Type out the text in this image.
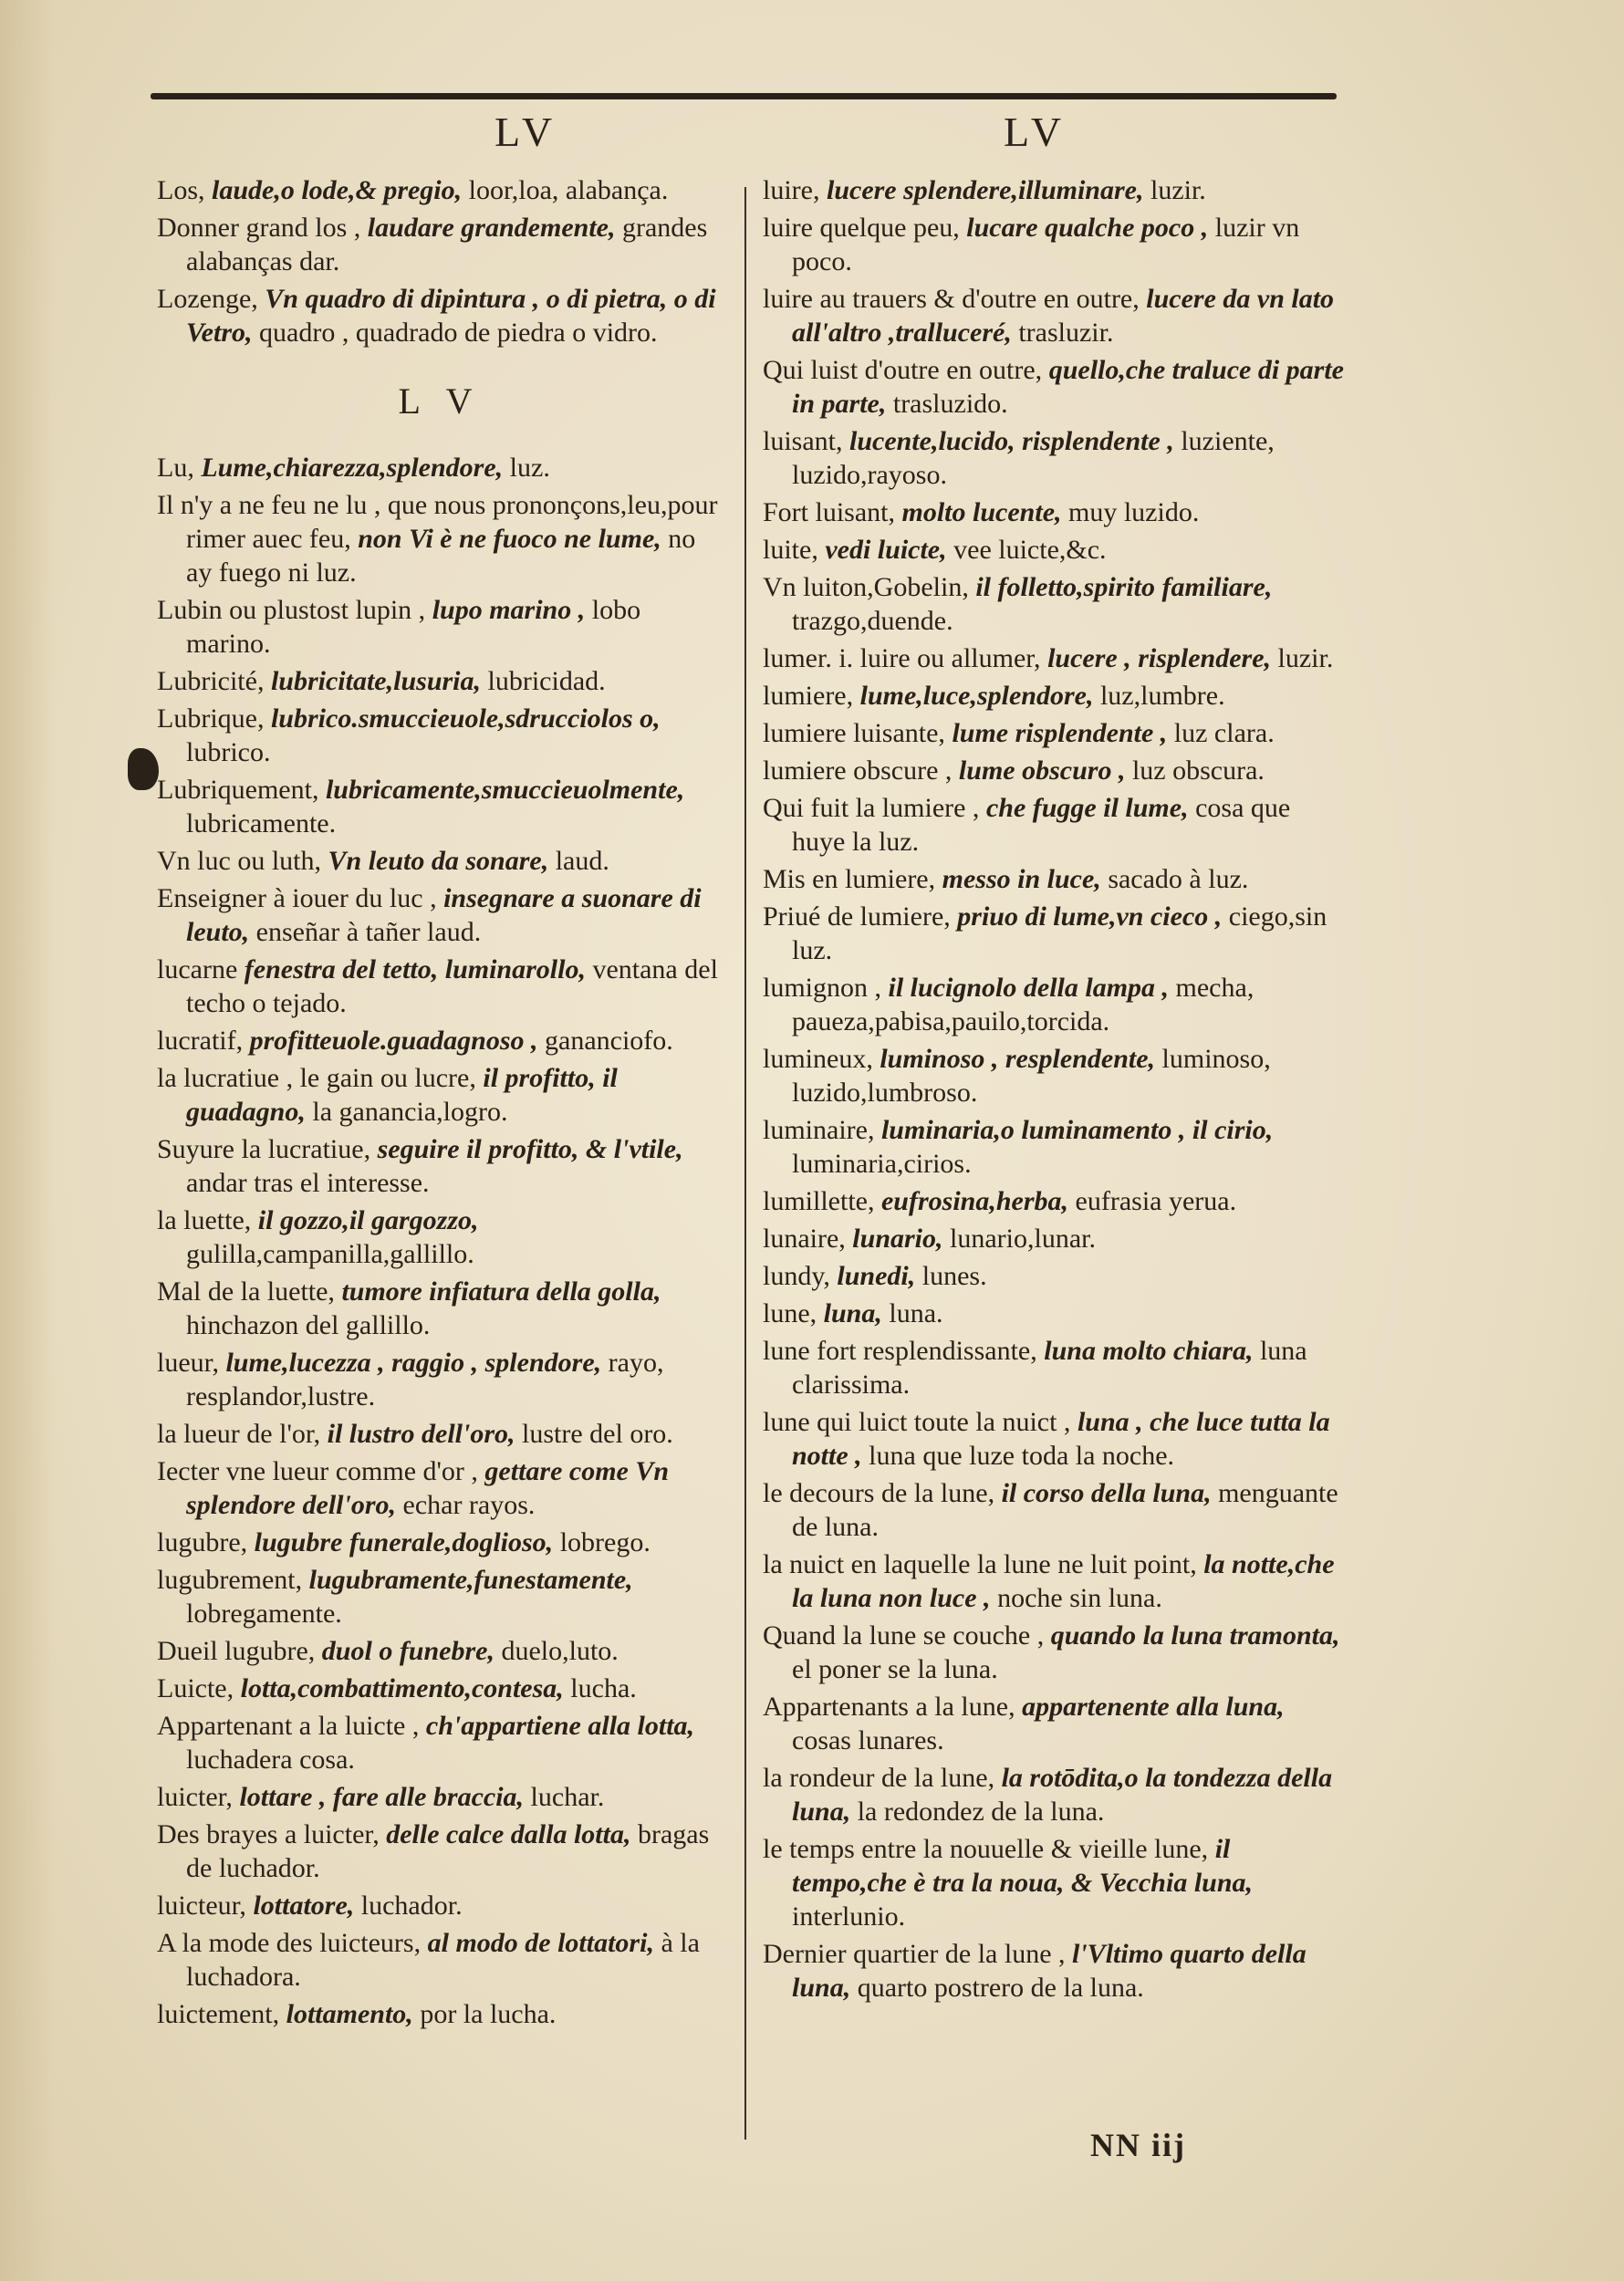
LV	LV
Los, laude,o lode,& pregio, loor,loa, alabança.
Donner grand los , laudare grandemente, grandes alabanças dar.
Lozenge, Vn quadro di dipintura , o di pietra, o di Vetro, quadro , quadrado de piedra o vidro.
L V
Lu, Lume,chiarezza,splendore, luz.
Il n'y a ne feu ne lu , que nous prononçons,leu,pour rimer auec feu, non Vi è ne fuoco ne lume, no ay fuego ni luz.
Lubin ou plustost lupin , lupo marino , lobo marino.
Lubricité, lubricitate,lusuria, lubricidad.
Lubrique, lubrico.smuccieuole,sdrucciolos o, lubrico.
Lubriquement, lubricamente,smuccieuolmente, lubricamente.
Vn luc ou luth, Vn leuto da sonare, laud.
Enseigner à iouer du luc , insegnare a suonare di leuto, enseñar à tañer laud.
lucarne fenestra del tetto, luminarollo, ventana del techo o tejado.
lucratif, profitteuole.guadagnoso , gananciofo.
la lucratiue , le gain ou lucre, il profitto, il guadagno, la ganancia,logro.
Suyure la lucratiue, seguire il profitto, & l'vtile, andar tras el interesse.
la luette, il gozzo,il gargozzo, gulilla,campanilla,gallillo.
Mal de la luette, tumore infiatura della golla, hinchazon del gallillo.
lueur, lume,lucezza , raggio , splendore, rayo, resplandor,lustre.
la lueur de l'or, il lustro dell'oro, lustre del oro.
Iecter vne lueur comme d'or , gettare come Vn splendore dell'oro, echar rayos.
lugubre, lugubre funerale,doglioso, lobrego.
lugubrement, lugubramente,funestamente, lobregamente.
Dueil lugubre, duol o funebre, duelo,luto.
Luicte, lotta,combattimento,contesa, lucha.
Appartenant a la luicte , ch'appartiene alla lotta, luchadera cosa.
luicter, lottare , fare alle braccia, luchar.
Des brayes a luicter, delle calce dalla lotta, bragas de luchador.
luicteur, lottatore, luchador.
A la mode des luicteurs, al modo de lottatori, à la luchadora.
luictement, lottamento, por la lucha.
luire, lucere splendere,illuminare, luzir.
luire quelque peu, lucare qualche poco , luzir vn poco.
luire au trauers & d'outre en outre, lucere da vn lato all'altro ,tralluceré, trasluzir.
Qui luist d'outre en outre, quello,che traluce di parte in parte, trasluzido.
luisant, lucente,lucido, risplendente , luziente, luzido,rayoso.
Fort luisant, molto lucente, muy luzido.
luite, vedi luicte, vee luicte,&c.
Vn luiton,Gobelin, il folletto,spirito familiare, trazgo,duende.
lumer. i. luire ou allumer, lucere , risplendere, luzir.
lumiere, lume,luce,splendore, luz,lumbre.
lumiere luisante, lume risplendente , luz clara.
lumiere obscure , lume obscuro , luz obscura.
Qui fuit la lumiere , che fugge il lume, cosa que huye la luz.
Mis en lumiere, messo in luce, sacado à luz.
Priué de lumiere, priuo di lume,vn cieco , ciego,sin luz.
lumignon , il lucignolo della lampa , mecha, paueza,pabisa,pauilo,torcida.
lumineux, luminoso , resplendente, luminoso, luzido,lumbroso.
luminaire, luminaria,o luminamento , il cirio, luminaria,cirios.
lumillette, eufrosina,herba, eufrasia yerua.
lunaire, lunario, lunario,lunar.
lundy, lunedi, lunes.
lune, luna, luna.
lune fort resplendissante, luna molto chiara, luna clarissima.
lune qui luict toute la nuict , luna , che luce tutta la notte , luna que luze toda la noche.
le decours de la lune, il corso della luna, menguante de luna.
la nuict en laquelle la lune ne luit point, la notte,che la luna non luce , noche sin luna.
Quand la lune se couche , quando la luna tramonta, el poner se la luna.
Appartenants a la lune, appartenente alla luna, cosas lunares.
la rondeur de la lune, la rotōdita,o la tondezza della luna, la redondez de la luna.
le temps entre la nouuelle & vieille lune, il tempo,che è tra la noua, & Vecchia luna, interlunio.
Dernier quartier de la lune , l'Vltimo quarto della luna, quarto postrero de la luna.
NN iij
